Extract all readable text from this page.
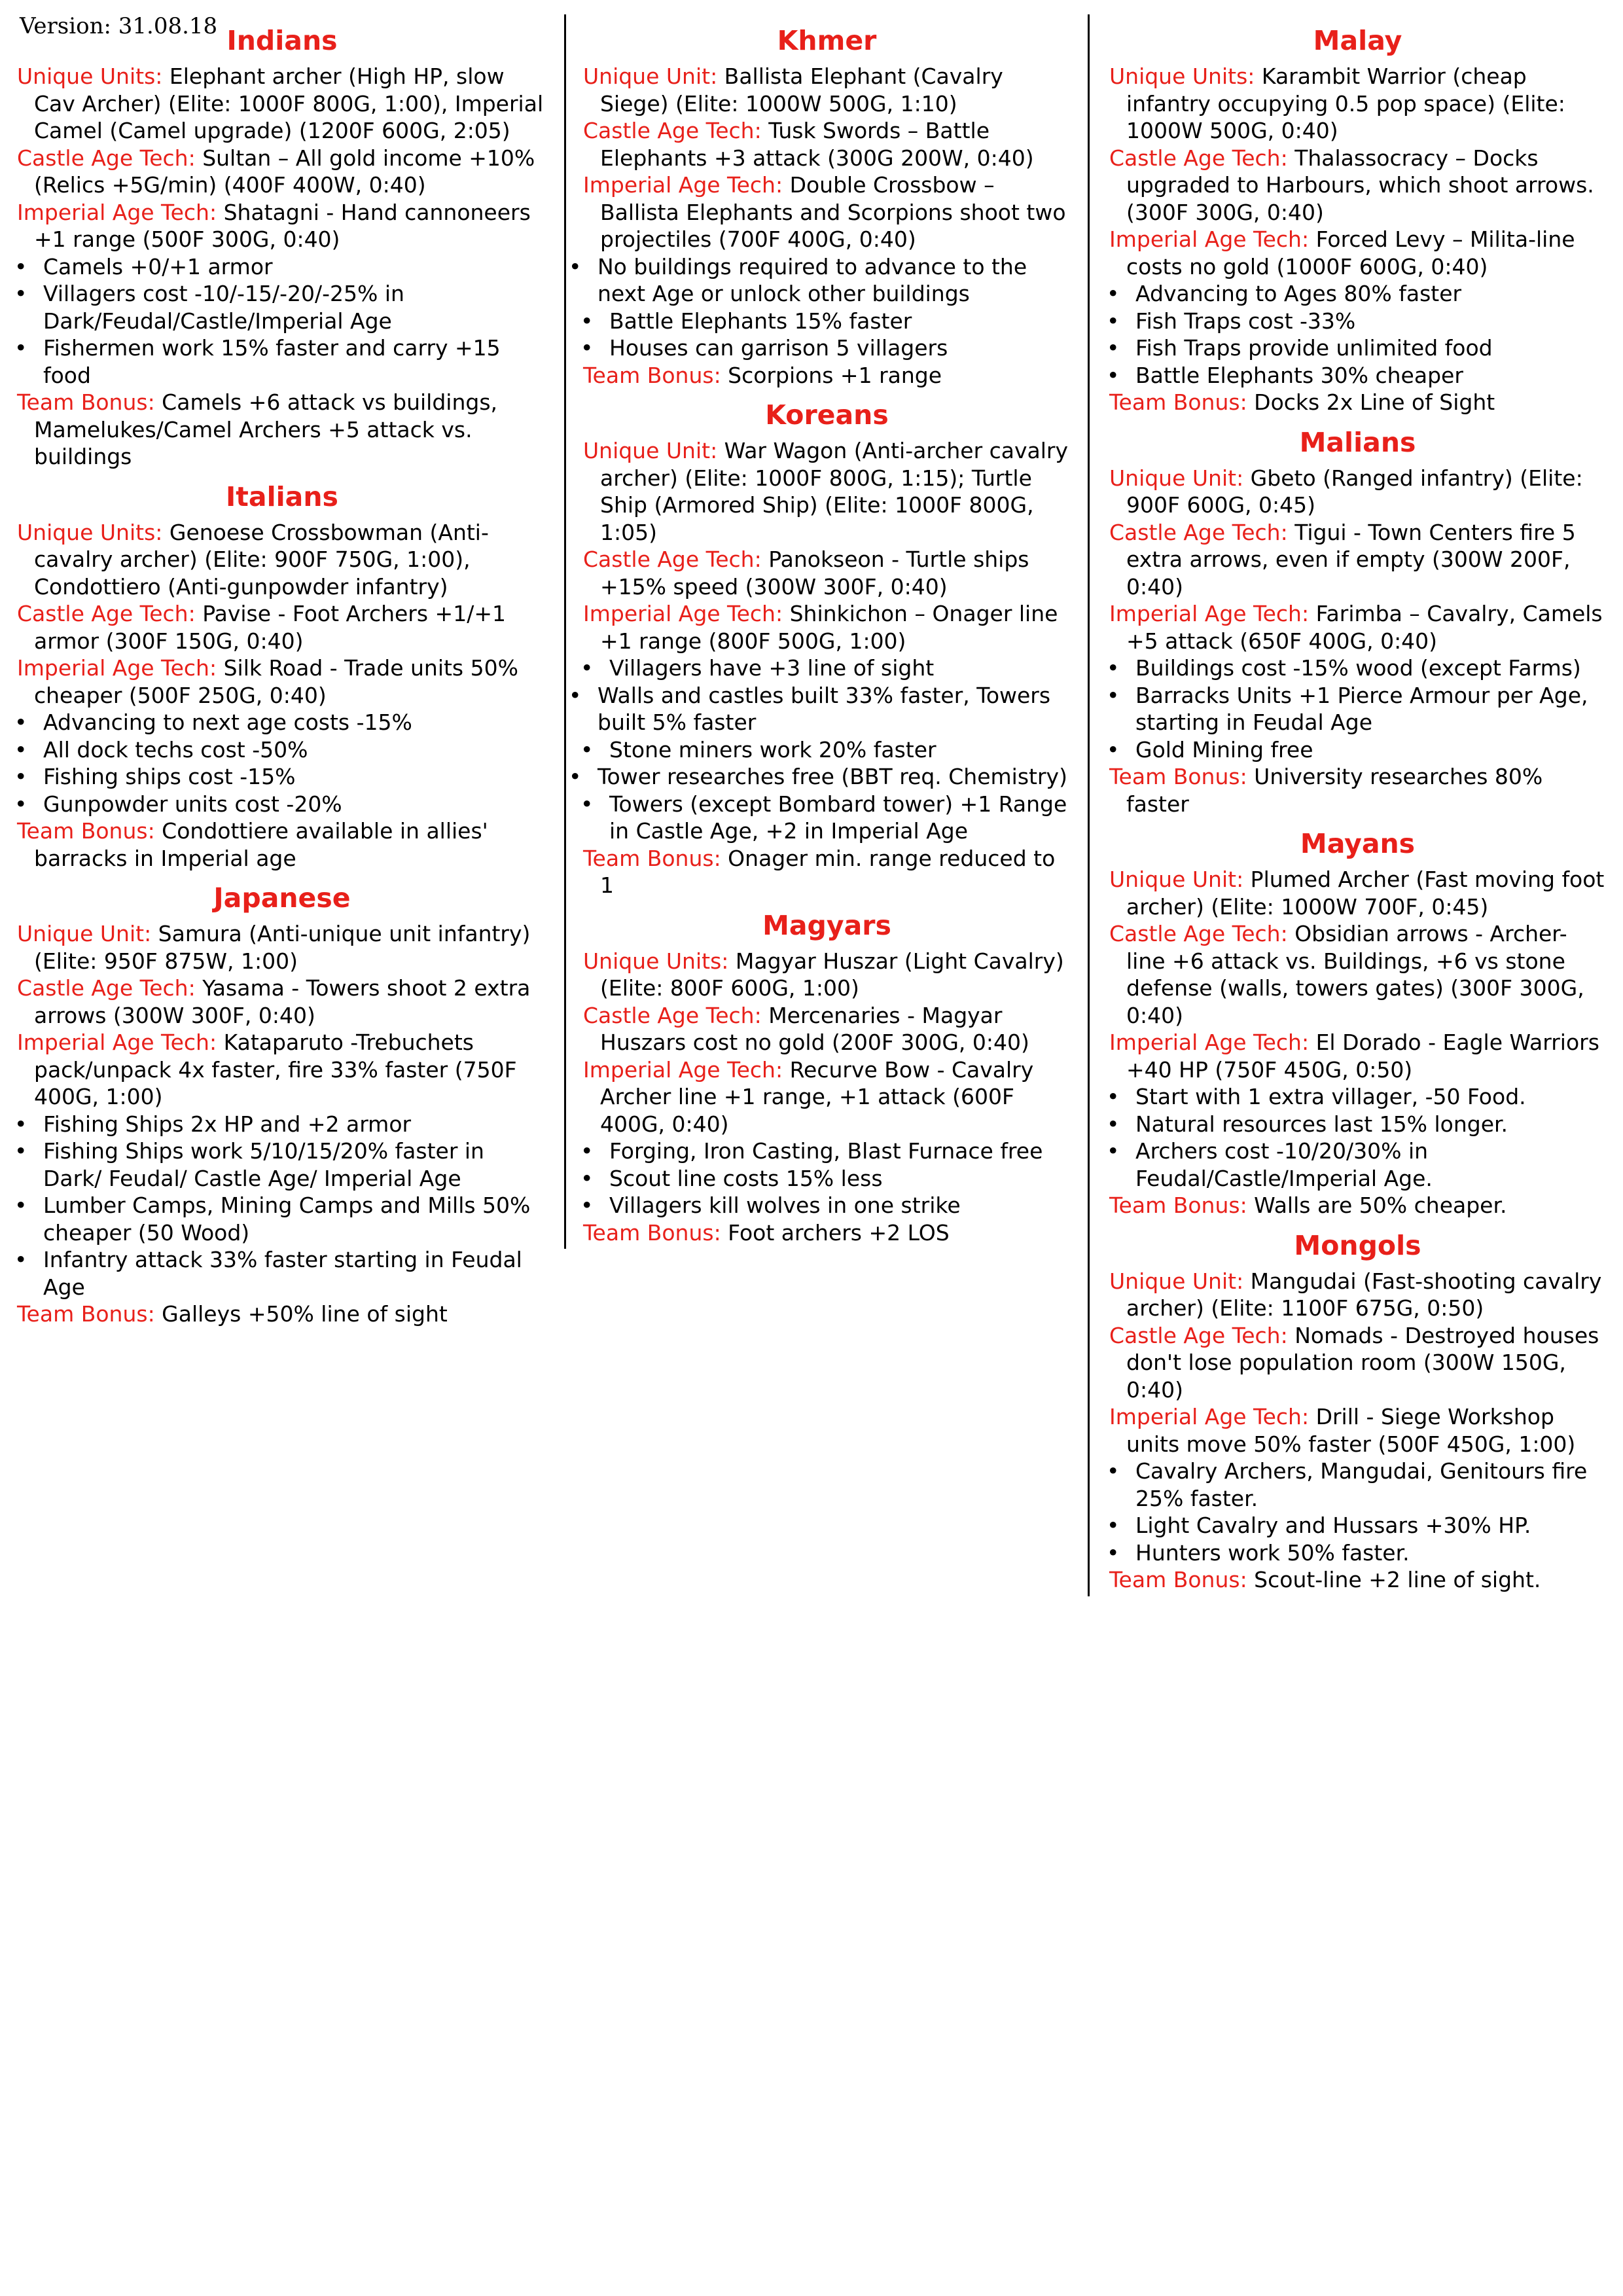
Version: 31.08.18 Indians

Unique Units: Elephant archer (High HP, slow Cav Archer) (Elite: 1000F 800G, 1:00), Imperial Camel (Camel upgrade) (1200F 600G, 2:05)

Castle Age Tech: Sultan – All gold income +10% (Relics +5G/min) (400F 400W, 0:40)

Imperial Age Tech: Shatagni - Hand cannoneers +1 range (500F 300G, 0:40)

• Camels +0/+1 armor
• Villagers cost -10/-15/-20/-25% in Dark/Feudal/Castle/Imperial Age
• Fishermen work 15% faster and carry +15 food

Team Bonus: Camels +6 attack vs buildings, Mamelukes/Camel Archers +5 attack vs. buildings

Italians

Unique Units: Genoese Crossbowman (Anti-cavalry archer) (Elite: 900F 750G, 1:00), Condottiero (Anti-gunpowder infantry)

Castle Age Tech: Pavise - Foot Archers +1/+1 armor (300F 150G, 0:40)

Imperial Age Tech: Silk Road - Trade units 50% cheaper (500F 250G, 0:40)

• Advancing to next age costs -15%
• All dock techs cost -50%
• Fishing ships cost -15%
• Gunpowder units cost -20%

Team Bonus: Condottiere available in allies' barracks in Imperial age

Japanese

Unique Unit: Samura (Anti-unique unit infantry) (Elite: 950F 875W, 1:00)

Castle Age Tech: Yasama - Towers shoot 2 extra arrows (300W 300F, 0:40)

Imperial Age Tech: Kataparuto -Trebuchets pack/unpack 4x faster, fire 33% faster (750F 400G, 1:00)

• Fishing Ships 2x HP and +2 armor
• Fishing Ships work 5/10/15/20% faster in Dark/ Feudal/ Castle Age/ Imperial Age
• Lumber Camps, Mining Camps and Mills 50% cheaper (50 Wood)
• Infantry attack 33% faster starting in Feudal Age

Team Bonus: Galleys +50% line of sight

Khmer

Unique Unit: Ballista Elephant (Cavalry Siege) (Elite: 1000W 500G, 1:10)

Castle Age Tech: Tusk Swords – Battle Elephants +3 attack (300G 200W, 0:40)

Imperial Age Tech: Double Crossbow – Ballista Elephants and Scorpions shoot two projectiles (700F 400G, 0:40)

• No buildings required to advance to the next Age or unlock other buildings
• Battle Elephants 15% faster
• Houses can garrison 5 villagers

Team Bonus: Scorpions +1 range

Koreans

Unique Unit: War Wagon (Anti-archer cavalry archer) (Elite: 1000F 800G, 1:15); Turtle Ship (Armored Ship) (Elite: 1000F 800G, 1:05)

Castle Age Tech: Panokseon - Turtle ships +15% speed (300W 300F, 0:40)

Imperial Age Tech: Shinkichon – Onager line +1 range (800F 500G, 1:00)

• Villagers have +3 line of sight
• Walls and castles built 33% faster, Towers built 5% faster
• Stone miners work 20% faster
• Tower researches free (BBT req. Chemistry)
• Towers (except Bombard tower) +1 Range in Castle Age, +2 in Imperial Age

Team Bonus: Onager min. range reduced to 1

Magyars

Unique Units: Magyar Huszar (Light Cavalry) (Elite: 800F 600G, 1:00)

Castle Age Tech: Mercenaries - Magyar Huszars cost no gold (200F 300G, 0:40)

Imperial Age Tech: Recurve Bow - Cavalry Archer line +1 range, +1 attack (600F 400G, 0:40)

• Forging, Iron Casting, Blast Furnace free
• Scout line costs 15% less
• Villagers kill wolves in one strike

Team Bonus: Foot archers +2 LOS

Malay

Unique Units: Karambit Warrior (cheap infantry occupying 0.5 pop space) (Elite: 1000W 500G, 0:40)

Castle Age Tech: Thalassocracy – Docks upgraded to Harbours, which shoot arrows. (300F 300G, 0:40)

Imperial Age Tech: Forced Levy – Milita-line costs no gold (1000F 600G, 0:40)

• Advancing to Ages 80% faster
• Fish Traps cost -33%
• Fish Traps provide unlimited food
• Battle Elephants 30% cheaper

Team Bonus: Docks 2x Line of Sight

Malians

Unique Unit: Gbeto (Ranged infantry) (Elite: 900F 600G, 0:45)

Castle Age Tech: Tigui - Town Centers fire 5 extra arrows, even if empty (300W 200F, 0:40)

Imperial Age Tech: Farimba – Cavalry, Camels +5 attack (650F 400G, 0:40)

• Buildings cost -15% wood (except Farms)
• Barracks Units +1 Pierce Armour per Age, starting in Feudal Age
• Gold Mining free

Team Bonus: University researches 80% faster

Mayans

Unique Unit: Plumed Archer (Fast moving foot archer) (Elite: 1000W 700F, 0:45)

Castle Age Tech: Obsidian arrows - Archer-line +6 attack vs. Buildings, +6 vs stone defense (walls, towers gates) (300F 300G, 0:40)

Imperial Age Tech: El Dorado - Eagle Warriors +40 HP (750F 450G, 0:50)

• Start with 1 extra villager, -50 Food.
• Natural resources last 15% longer.
• Archers cost -10/20/30% in Feudal/Castle/Imperial Age.

Team Bonus: Walls are 50% cheaper.

Mongols

Unique Unit: Mangudai (Fast-shooting cavalry archer) (Elite: 1100F 675G, 0:50)

Castle Age Tech: Nomads - Destroyed houses don't lose population room (300W 150G, 0:40)

Imperial Age Tech: Drill - Siege Workshop units move 50% faster (500F 450G, 1:00)

• Cavalry Archers, Mangudai, Genitours fire 25% faster.
• Light Cavalry and Hussars +30% HP.
• Hunters work 50% faster.

Team Bonus: Scout-line +2 line of sight.
